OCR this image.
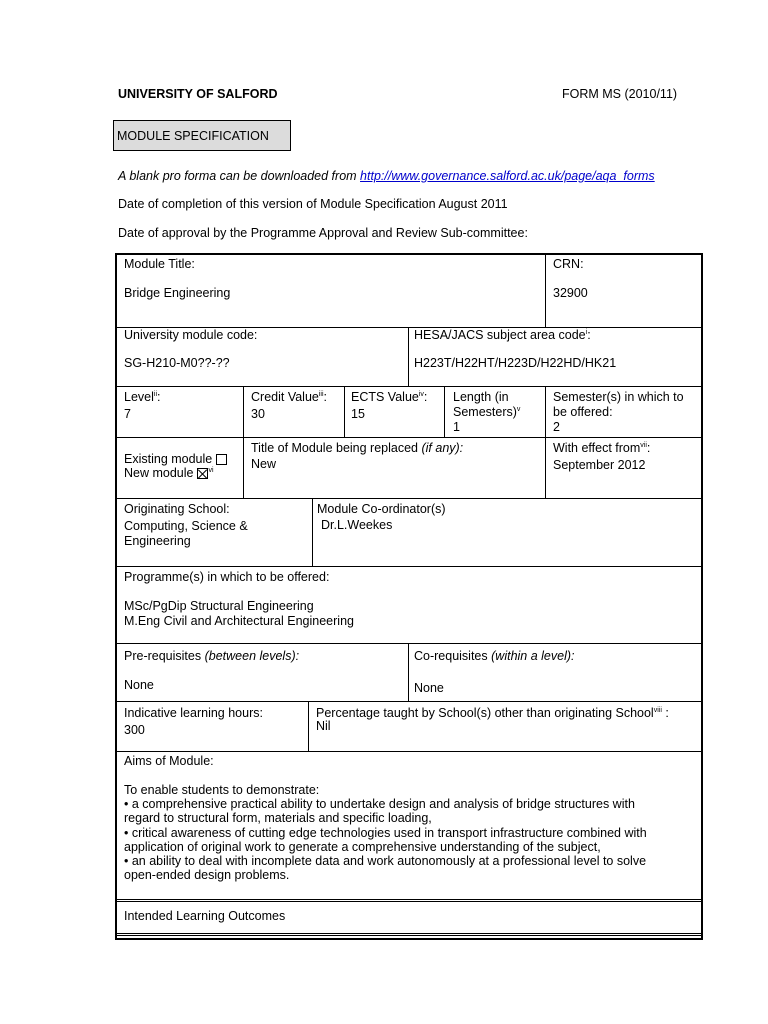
UNIVERSITY OF SALFORD	FORM MS (2010/11)
MODULE SPECIFICATION
A blank pro forma can be downloaded from http://www.governance.salford.ac.uk/page/aqa_forms
Date of completion of this version of Module Specification August 2011
Date of approval by the Programme Approval and Review Sub-committee:
Module Title:
Bridge Engineering
CRN:
32900
University module code:
SG-H210-M0??-??
HESA/JACS subject area code$^i$:
H223T/H22HT/H223D/H22HD/HK21
Level$^{ii}$:
7
Credit Value$^{iii}$:
30
ECTS Value$^{iv}$:
15
Length (in
Semesters)$^v$
1
Semester(s) in which to
be offered:
2
Existing module
New module $^{vi}$
Title of Module being replaced (if any):
New
With effect from$^{vii}$:
September 2012
Originating School:
Computing, Science &
Engineering
Module Co-ordinator(s)
Dr.L.Weekes
Programme(s) in which to be offered:
MSc/PgDip Structural Engineering
M.Eng Civil and Architectural Engineering
Pre-requisites (between levels):
None
Co-requisites (within a level):
None
Indicative learning hours:
300
Percentage taught by School(s) other than originating School$^{viii}$ :
Nil
Aims of Module:

To enable students to demonstrate:

• a comprehensive practical ability to undertake design and analysis of bridge structures with

regard to structural form, materials and specific loading,

• critical awareness of cutting edge technologies used in transport infrastructure combined with

application of original work to generate a comprehensive understanding of the subject,

• an ability to deal with incomplete data and work autonomously at a professional level to solve

open-ended design problems.

Intended Learning Outcomes
